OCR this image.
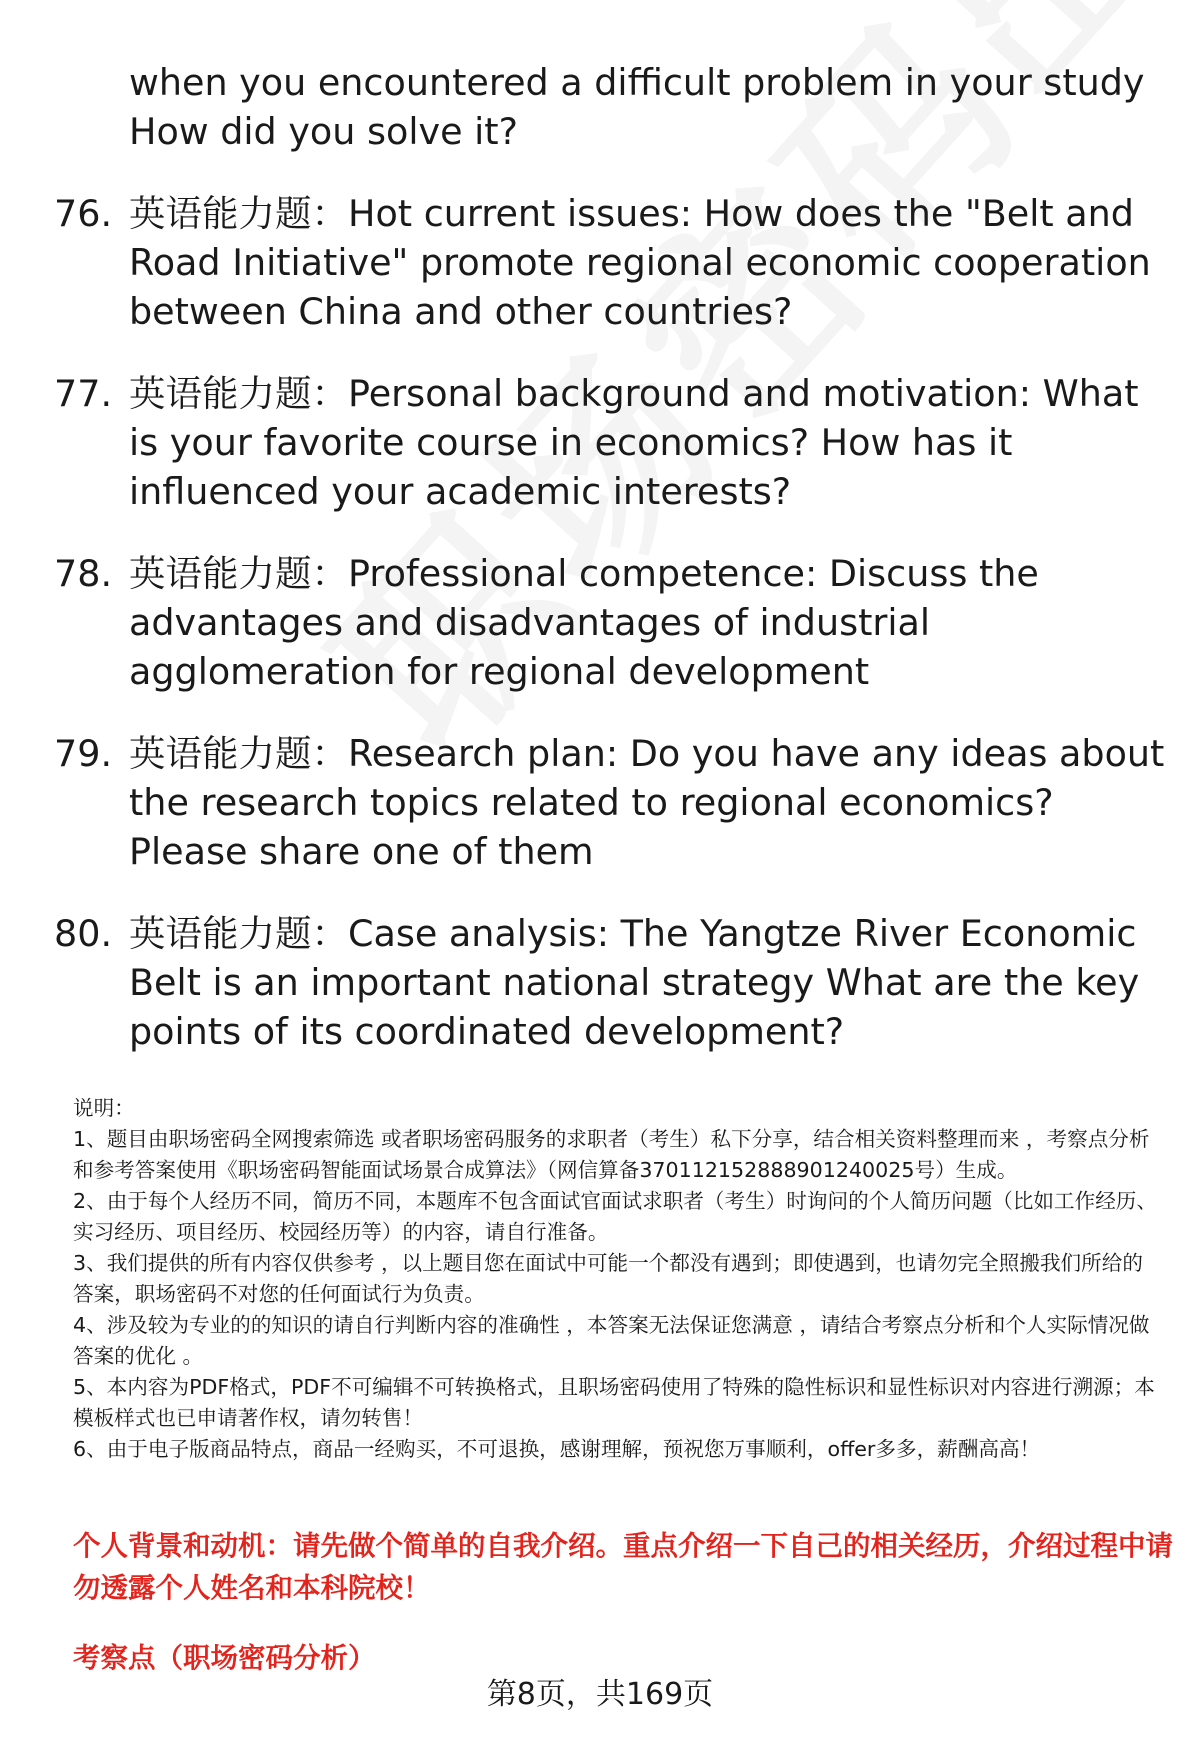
when you encountered a difficult problem in your study How did you solve it?
76. 英语能力题：Hot current issues: How does the "Belt and Road Initiative" promote regional economic cooperation between China and other countries?
77. 英语能力题：Personal background and motivation: What is your favorite course in economics? How has it influenced your academic interests?
78. 英语能力题：Professional competence: Discuss the advantages and disadvantages of industrial agglomeration for regional development
79. 英语能力题：Research plan: Do you have any ideas about the research topics related to regional economics? Please share one of them
80. 英语能力题：Case analysis: The Yangtze River Economic Belt is an important national strategy What are the key points of its coordinated development?

说明：

1、题目由职场密码全网搜索筛选 或者职场密码服务的求职者（考生）私下分享，结合相关资料整理而来 ，考察点分析和参考答案使用《职场密码智能面试场景合成算法》（网信算备370112152888901240025号）生成。

2、由于每个人经历不同，简历不同，本题库不包含面试官面试求职者（考生）时询问的个人简历问题（比如工作经历、实习经历、项目经历、校园经历等）的内容，请自行准备。

3、我们提供的所有内容仅供参考 ，以上题目您在面试中可能一个都没有遇到；即使遇到，也请勿完全照搬我们所给的答案，职场密码不对您的任何面试行为负责。

4、涉及较为专业的的知识的请自行判断内容的准确性 ，本答案无法保证您满意 ，请结合考察点分析和个人实际情况做答案的优化 。

5、本内容为PDF格式，PDF不可编辑不可转换格式，且职场密码使用了特殊的隐性标识和显性标识对内容进行溯源；本模板样式也已申请著作权，请勿转售！

6、由于电子版商品特点，商品一经购买，不可退换，感谢理解，预祝您万事顺利，offer多多，薪酬高高！

个人背景和动机：请先做个简单的自我介绍。重点介绍一下自己的相关经历，介绍过程中请勿透露个人姓名和本科院校！

考察点（职场密码分析）

第8页，共169页
